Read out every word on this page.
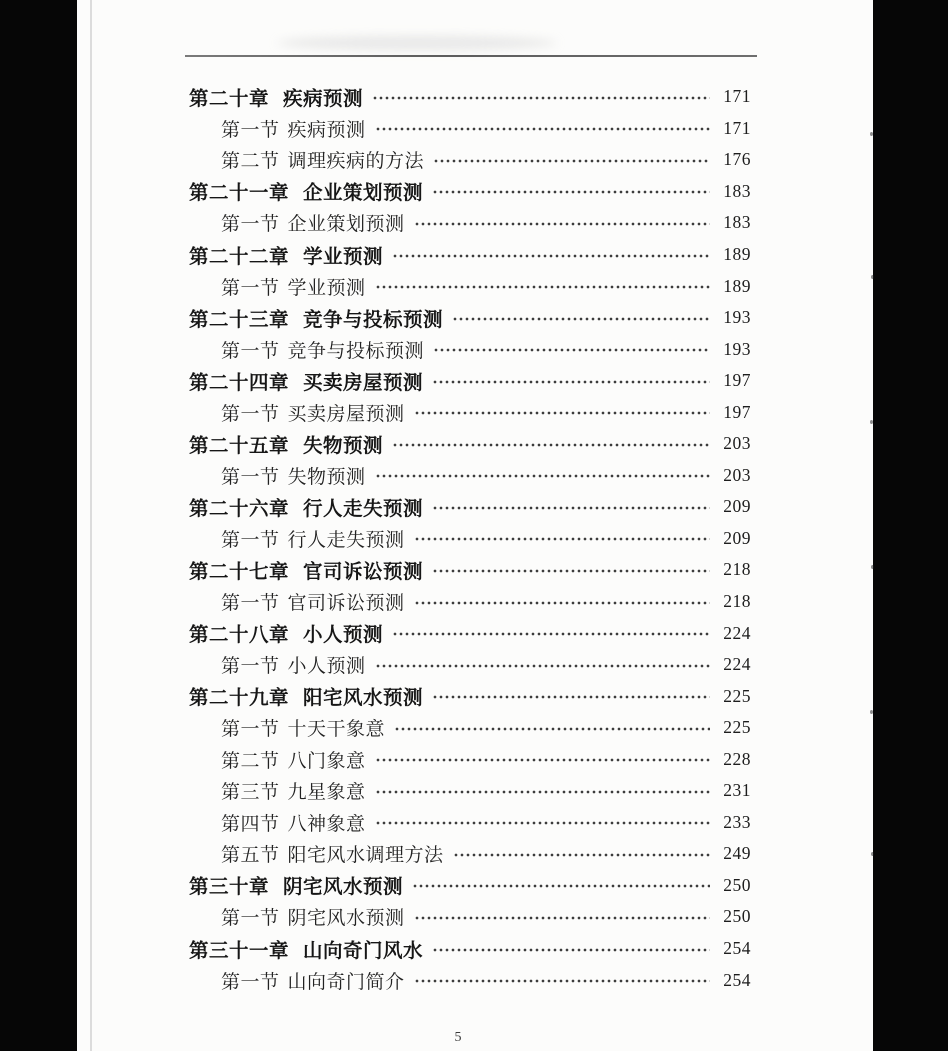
第二十章 疾病预测	171
第一节 疾病预测	171
第二节 调理疾病的方法	176
第二十一章 企业策划预测	183
第一节 企业策划预测	183
第二十二章 学业预测	189
第一节 学业预测	189
第二十三章 竞争与投标预测	193
第一节 竞争与投标预测	193
第二十四章 买卖房屋预测	197
第一节 买卖房屋预测	197
第二十五章 失物预测	203
第一节 失物预测	203
第二十六章 行人走失预测	209
第一节 行人走失预测	209
第二十七章 官司诉讼预测	218
第一节 官司诉讼预测	218
第二十八章 小人预测	224
第一节 小人预测	224
第二十九章 阳宅风水预测	225
第一节 十天干象意	225
第二节 八门象意	228
第三节 九星象意	231
第四节 八神象意	233
第五节 阳宅风水调理方法	249
第三十章 阴宅风水预测	250
第一节 阴宅风水预测	250
第三十一章 山向奇门风水	254
第一节 山向奇门简介	254
5
